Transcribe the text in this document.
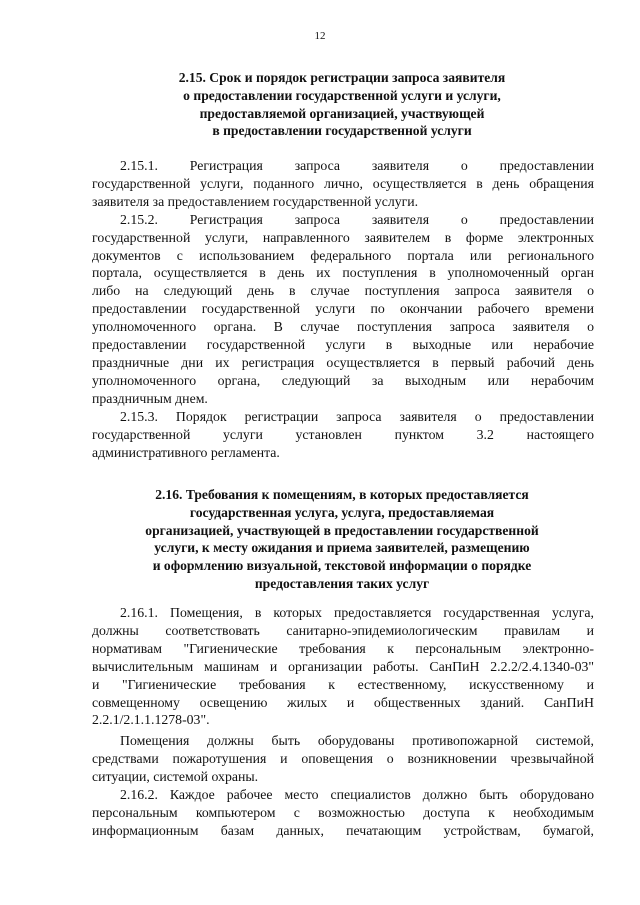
12
2.15. Срок и порядок регистрации запроса заявителя
о предоставлении государственной услуги и услуги,
предоставляемой организацией, участвующей
в предоставлении государственной услуги
2.15.1. Регистрация запроса заявителя о предоставлении
государственной услуги, поданного лично, осуществляется в день обращения
заявителя за предоставлением государственной услуги.
2.15.2. Регистрация запроса заявителя о предоставлении
государственной услуги, направленного заявителем в форме электронных
документов с использованием федерального портала или регионального
портала, осуществляется в день их поступления в уполномоченный орган
либо на следующий день в случае поступления запроса заявителя о
предоставлении государственной услуги по окончании рабочего времени
уполномоченного органа. В случае поступления запроса заявителя о
предоставлении государственной услуги в выходные или нерабочие
праздничные дни их регистрация осуществляется в первый рабочий день
уполномоченного органа, следующий за выходным или нерабочим
праздничным днем.
2.15.3. Порядок регистрации запроса заявителя о предоставлении
государственной услуги установлен пунктом 3.2 настоящего
административного регламента.
2.16. Требования к помещениям, в которых предоставляется
государственная услуга, услуга, предоставляемая
организацией, участвующей в предоставлении государственной
услуги, к месту ожидания и приема заявителей, размещению
и оформлению визуальной, текстовой информации о порядке
предоставления таких услуг
2.16.1. Помещения, в которых предоставляется государственная услуга,
должны соответствовать санитарно-эпидемиологическим правилам и
нормативам "Гигиенические требования к персональным электронно-
вычислительным машинам и организации работы. СанПиН 2.2.2/2.4.1340-03"
и "Гигиенические требования к естественному, искусственному и
совмещенному освещению жилых и общественных зданий. СанПиН
2.2.1/2.1.1.1278-03".
Помещения должны быть оборудованы противопожарной системой,
средствами пожаротушения и оповещения о возникновении чрезвычайной
ситуации, системой охраны.
2.16.2. Каждое рабочее место специалистов должно быть оборудовано
персональным компьютером с возможностью доступа к необходимым
информационным базам данных, печатающим устройствам, бумагой,
